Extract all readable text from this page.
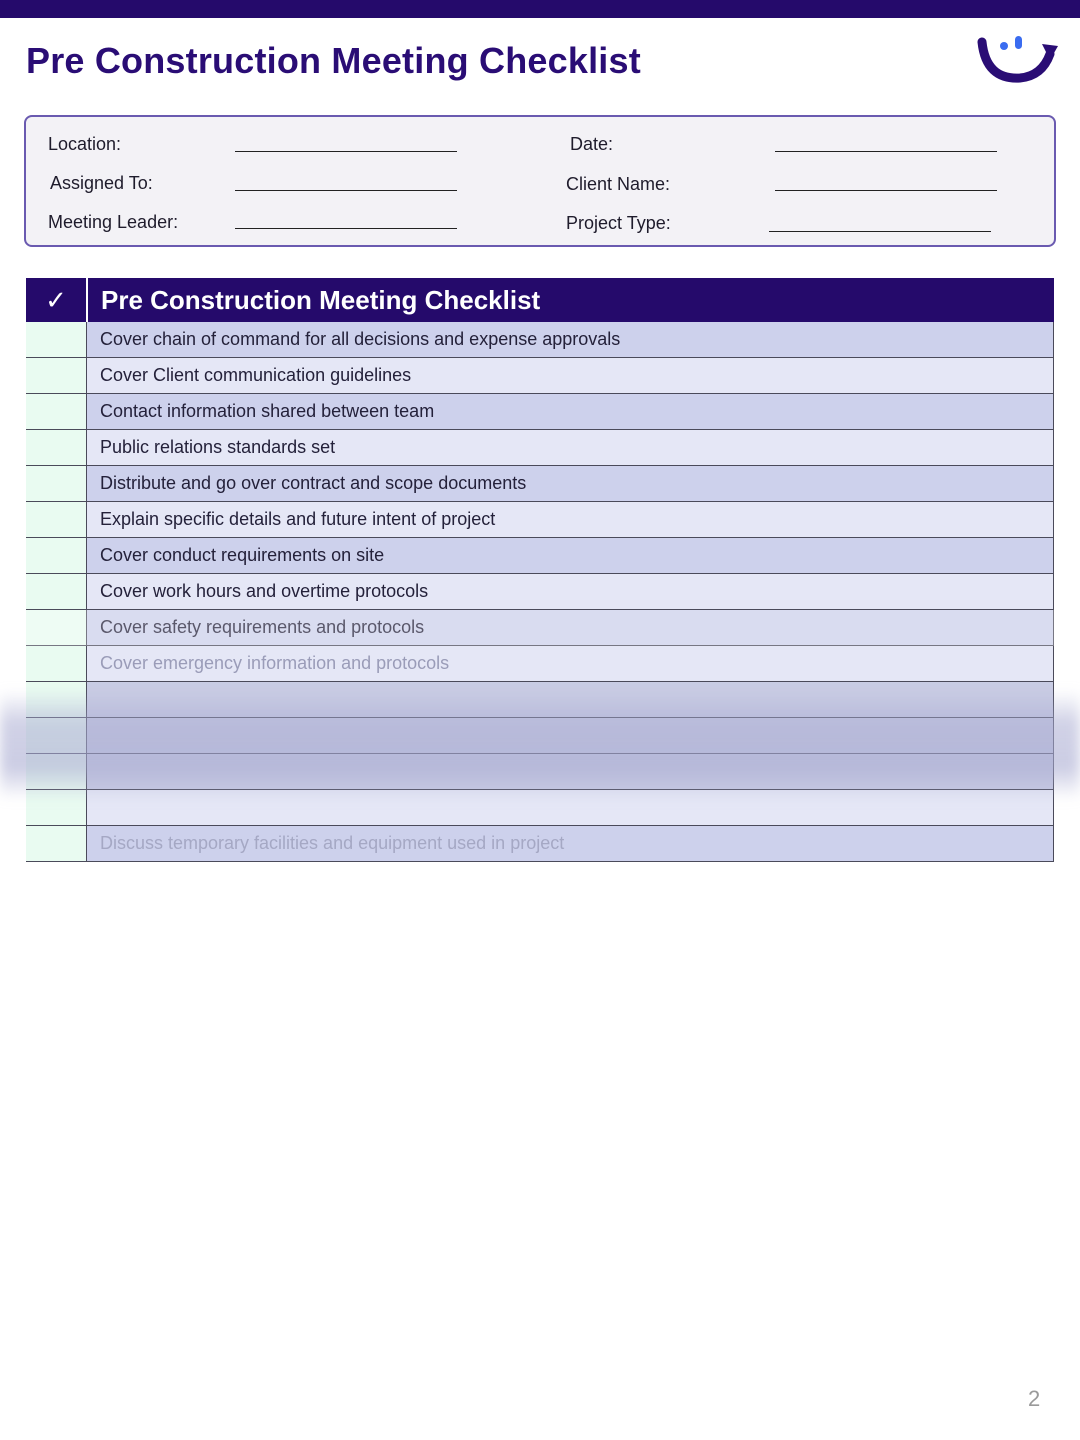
Pre Construction Meeting Checklist
Location:
Assigned To:
Meeting Leader:
Date:
Client Name:
Project Type:
✓	Pre Construction Meeting Checklist
Cover chain of command for all decisions and expense approvals
Cover Client communication guidelines
Contact information shared between team
Public relations standards set
Distribute and go over contract and scope documents
Explain specific details and future intent of project
Cover conduct requirements on site
Cover work hours and overtime protocols
Cover safety requirements and protocols
Cover emergency information and protocols
Discuss temporary facilities and equipment used in project
2
